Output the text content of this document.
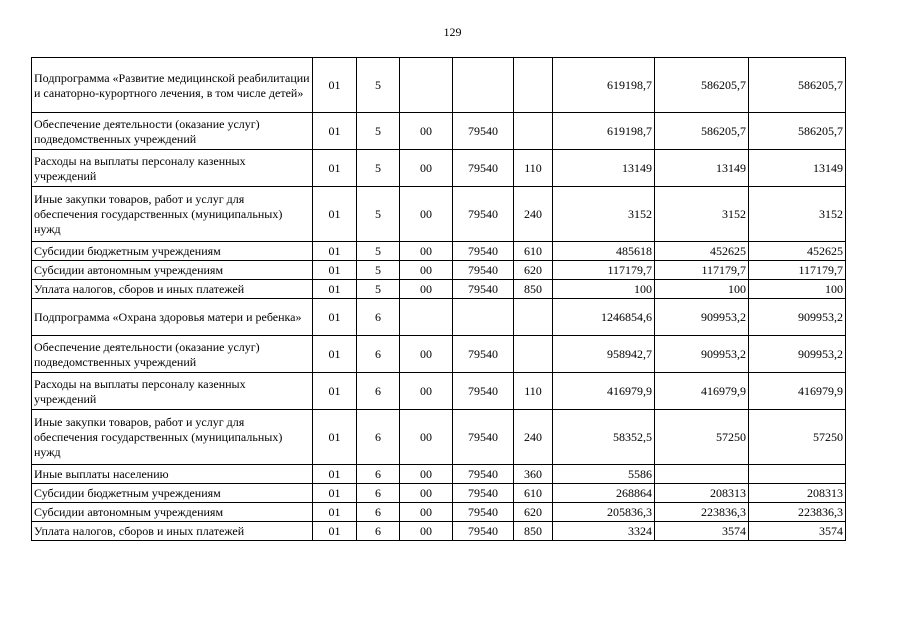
129
Подпрограмма «Развитие медицинской реабилитации и санаторно-курортного лечения, в том числе детей»	01	5				619198,7	586205,7	586205,7
Обеспечение деятельности (оказание услуг) подведомственных учреждений	01	5	00	79540		619198,7	586205,7	586205,7
Расходы на выплаты персоналу казенных учреждений	01	5	00	79540	110	13149	13149	13149
Иные закупки товаров, работ и услуг для обеспечения государственных (муниципальных) нужд	01	5	00	79540	240	3152	3152	3152
Субсидии бюджетным учреждениям	01	5	00	79540	610	485618	452625	452625
Субсидии автономным учреждениям	01	5	00	79540	620	117179,7	117179,7	117179,7
Уплата налогов, сборов и иных платежей	01	5	00	79540	850	100	100	100
Подпрограмма «Охрана здоровья матери и ребенка»	01	6				1246854,6	909953,2	909953,2
Обеспечение деятельности (оказание услуг) подведомственных учреждений	01	6	00	79540		958942,7	909953,2	909953,2
Расходы на выплаты персоналу казенных учреждений	01	6	00	79540	110	416979,9	416979,9	416979,9
Иные закупки товаров, работ и услуг для обеспечения государственных (муниципальных) нужд	01	6	00	79540	240	58352,5	57250	57250
Иные выплаты населению	01	6	00	79540	360	5586		
Субсидии бюджетным учреждениям	01	6	00	79540	610	268864	208313	208313
Субсидии автономным учреждениям	01	6	00	79540	620	205836,3	223836,3	223836,3
Уплата налогов, сборов и иных платежей	01	6	00	79540	850	3324	3574	3574
